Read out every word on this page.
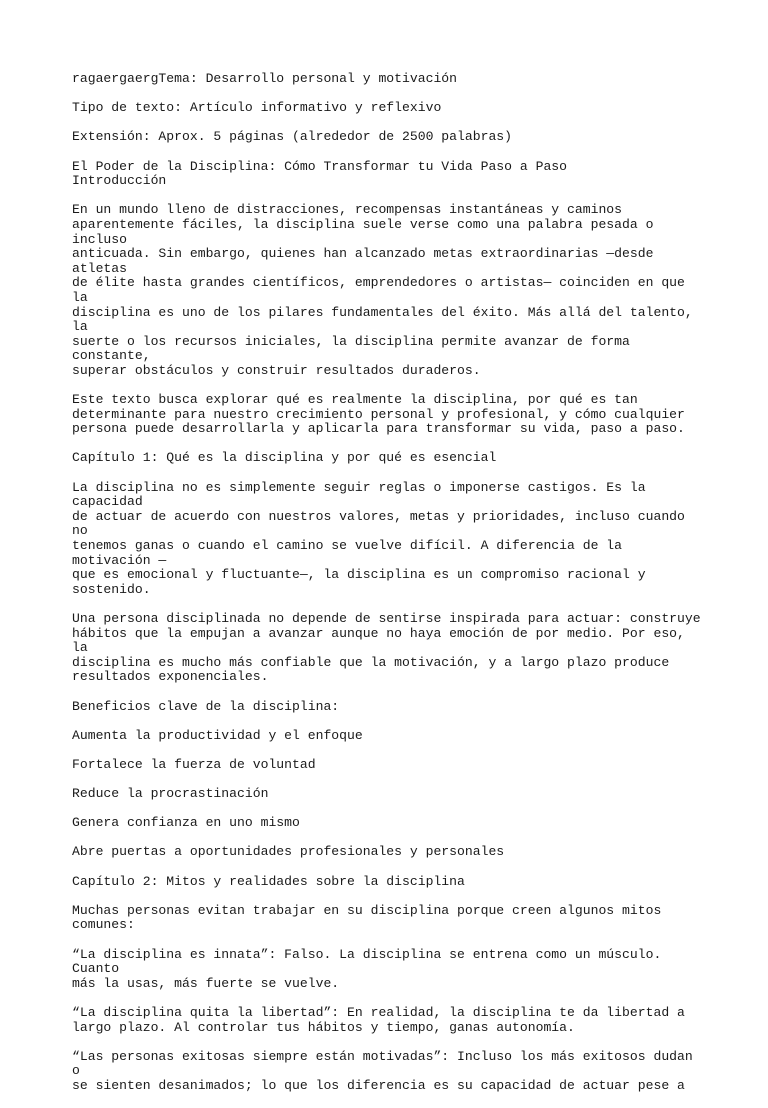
ragaergaergTema: Desarrollo personal y motivación

Tipo de texto: Artículo informativo y reflexivo

Extensión: Aprox. 5 páginas (alrededor de 2500 palabras)

El Poder de la Disciplina: Cómo Transformar tu Vida Paso a Paso
Introducción

En un mundo lleno de distracciones, recompensas instantáneas y caminos
aparentemente fáciles, la disciplina suele verse como una palabra pesada o incluso
anticuada. Sin embargo, quienes han alcanzado metas extraordinarias —desde atletas
de élite hasta grandes científicos, emprendedores o artistas— coinciden en que la
disciplina es uno de los pilares fundamentales del éxito. Más allá del talento, la
suerte o los recursos iniciales, la disciplina permite avanzar de forma constante,
superar obstáculos y construir resultados duraderos.

Este texto busca explorar qué es realmente la disciplina, por qué es tan
determinante para nuestro crecimiento personal y profesional, y cómo cualquier
persona puede desarrollarla y aplicarla para transformar su vida, paso a paso.

Capítulo 1: Qué es la disciplina y por qué es esencial

La disciplina no es simplemente seguir reglas o imponerse castigos. Es la capacidad
de actuar de acuerdo con nuestros valores, metas y prioridades, incluso cuando no
tenemos ganas o cuando el camino se vuelve difícil. A diferencia de la motivación —
que es emocional y fluctuante—, la disciplina es un compromiso racional y
sostenido.

Una persona disciplinada no depende de sentirse inspirada para actuar: construye
hábitos que la empujan a avanzar aunque no haya emoción de por medio. Por eso, la
disciplina es mucho más confiable que la motivación, y a largo plazo produce
resultados exponenciales.

Beneficios clave de la disciplina:

Aumenta la productividad y el enfoque

Fortalece la fuerza de voluntad

Reduce la procrastinación

Genera confianza en uno mismo

Abre puertas a oportunidades profesionales y personales

Capítulo 2: Mitos y realidades sobre la disciplina

Muchas personas evitan trabajar en su disciplina porque creen algunos mitos
comunes:

“La disciplina es innata”: Falso. La disciplina se entrena como un músculo. Cuanto
más la usas, más fuerte se vuelve.

“La disciplina quita la libertad”: En realidad, la disciplina te da libertad a
largo plazo. Al controlar tus hábitos y tiempo, ganas autonomía.

“Las personas exitosas siempre están motivadas”: Incluso los más exitosos dudan o
se sienten desanimados; lo que los diferencia es su capacidad de actuar pese a
